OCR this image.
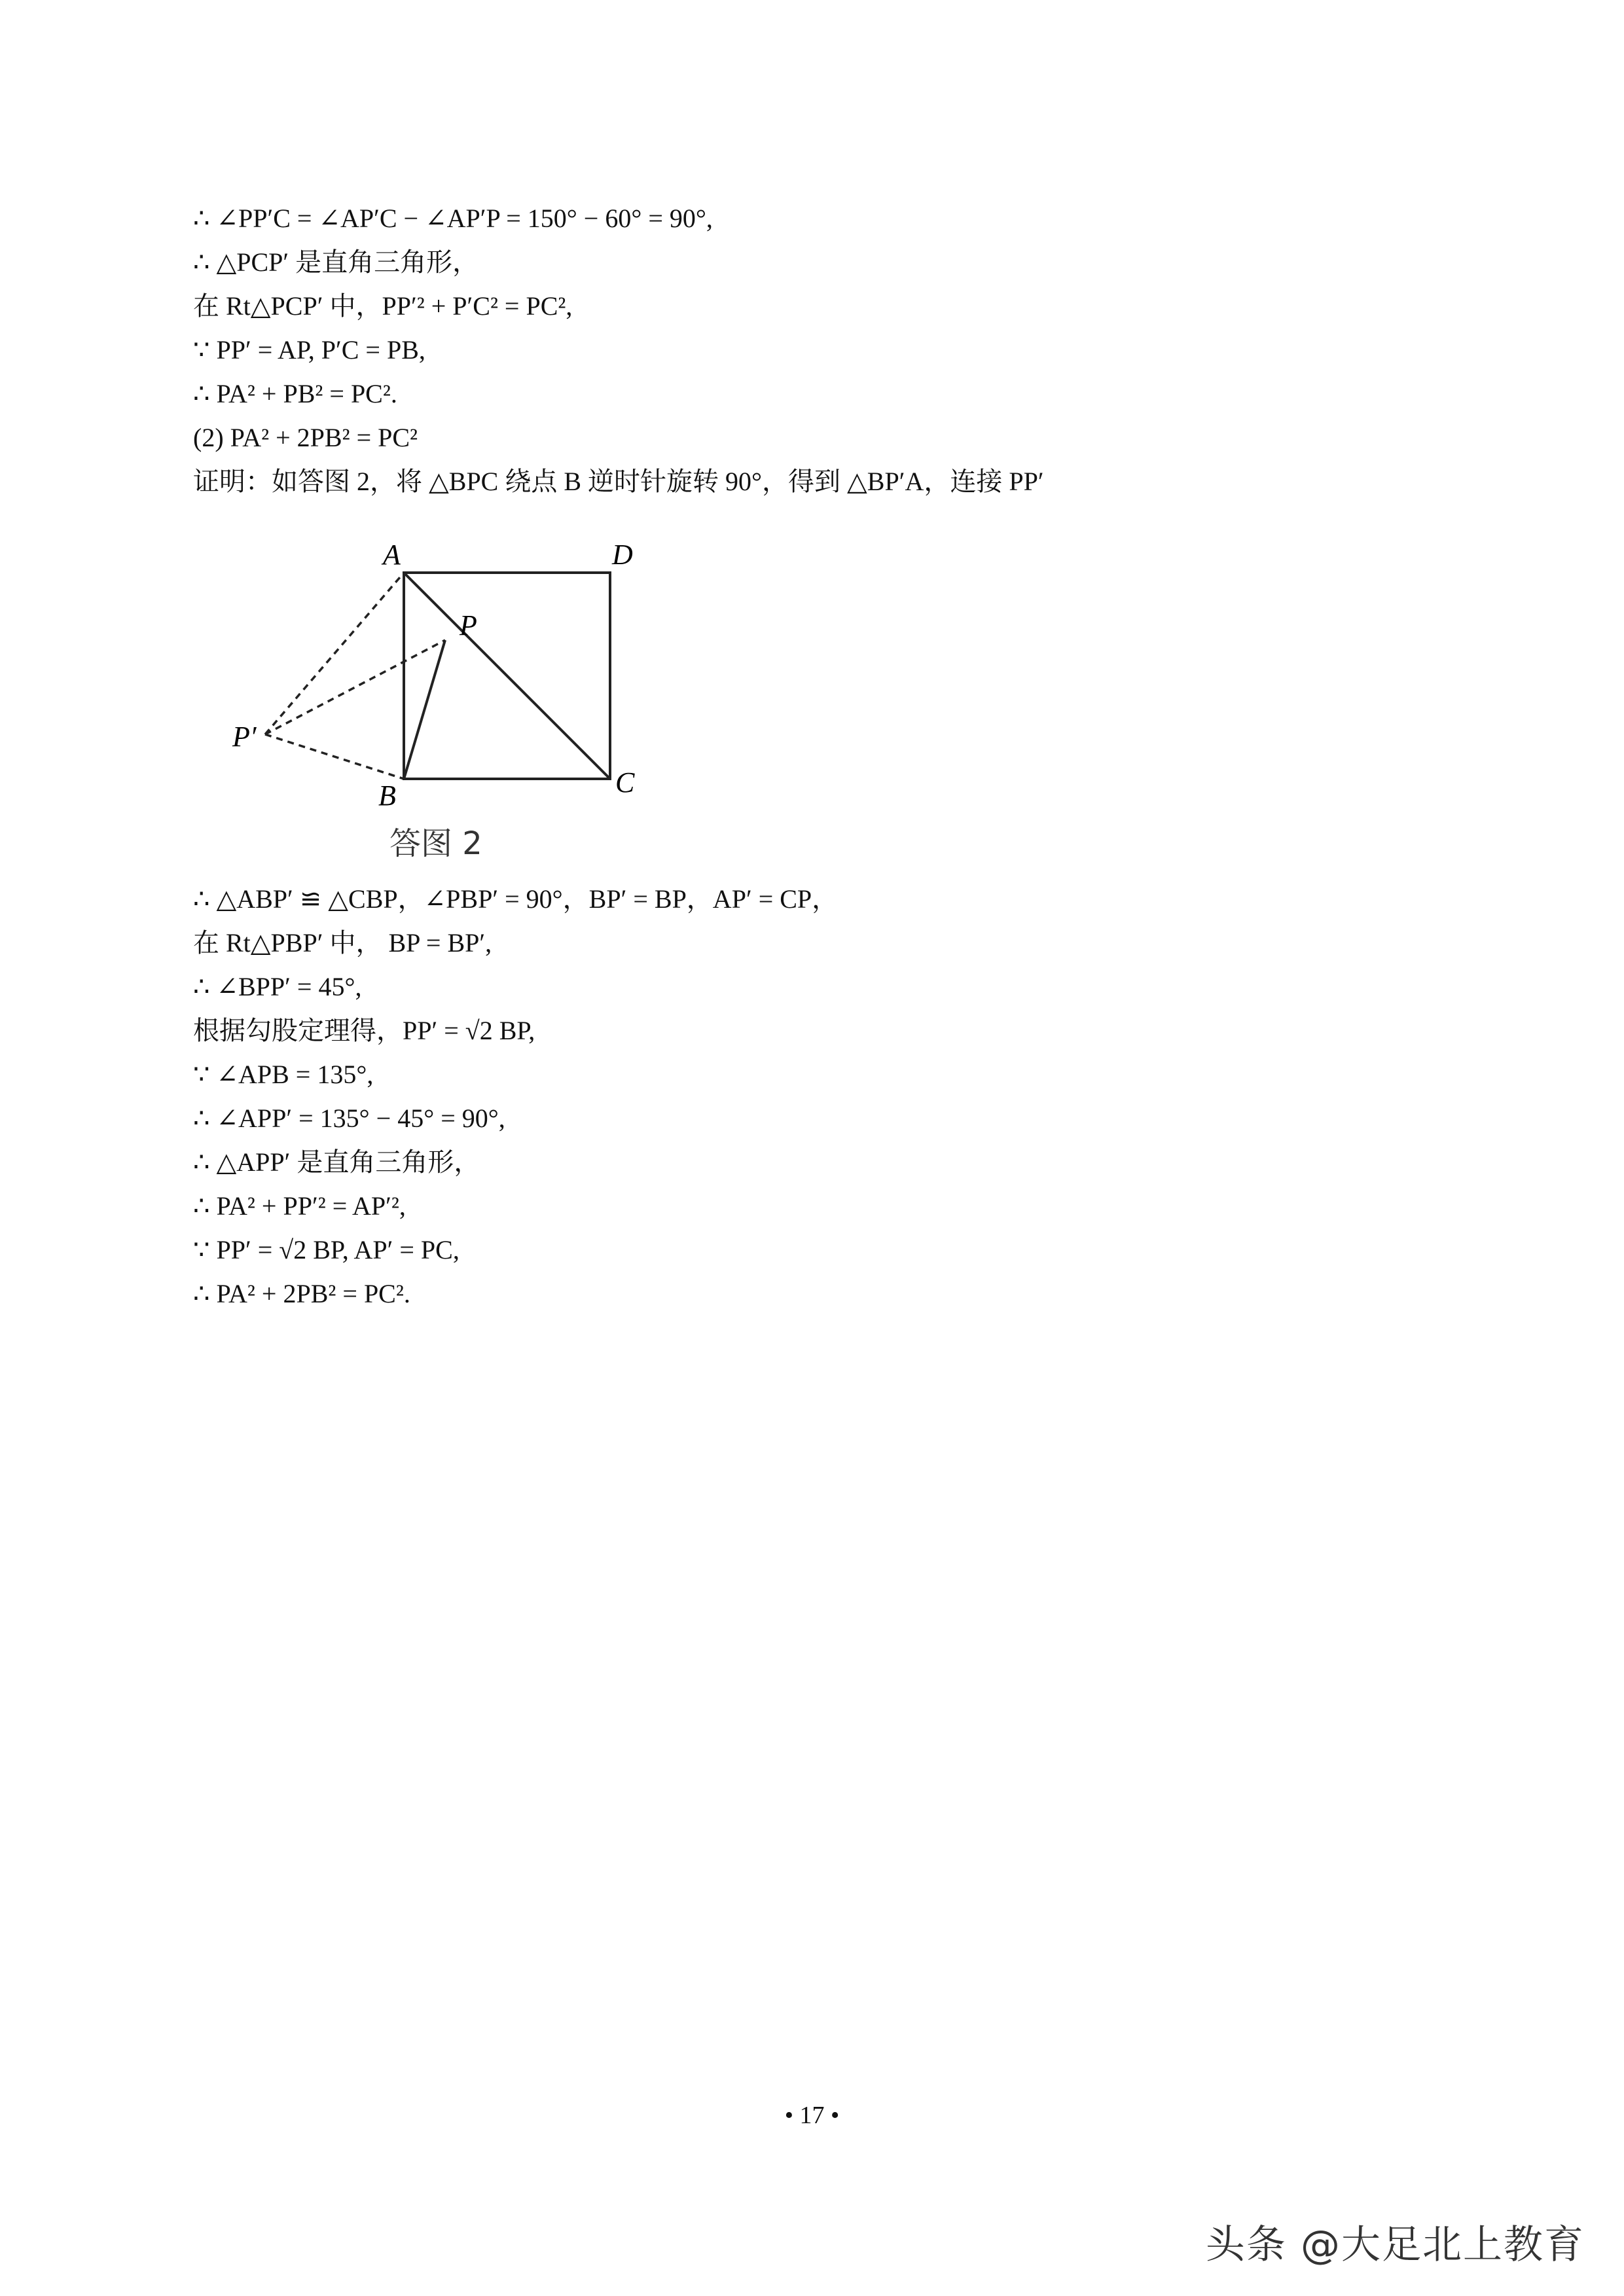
∴ ∠PP′C = ∠AP′C − ∠AP′P = 150° − 60° = 90°,
∴ △PCP′ 是直角三角形，
在 Rt△PCP′ 中，PP′² + P′C² = PC²,
∵ PP′ = AP, P′C = PB,
∴ PA² + PB² = PC².
(2) PA² + 2PB² = PC²
证明：如答图 2，将 △BPC 绕点 B 逆时针旋转 90°，得到 △BP′A，连接 PP′
A	D
P
P′
B	C
答图 2
∴ △ABP′ ≌ △CBP，∠PBP′ = 90°，BP′ = BP，AP′ = CP，
在 Rt△PBP′ 中， BP = BP′,
∴ ∠BPP′ = 45°,
根据勾股定理得，PP′ = √2 BP,
∵ ∠APB = 135°,
∴ ∠APP′ = 135° − 45° = 90°,
∴ △APP′ 是直角三角形，
∴ PA² + PP′² = AP′²,
∵ PP′ = √2 BP, AP′ = PC,
∴ PA² + 2PB² = PC².
• 17 •
头条 @大足北上教育
